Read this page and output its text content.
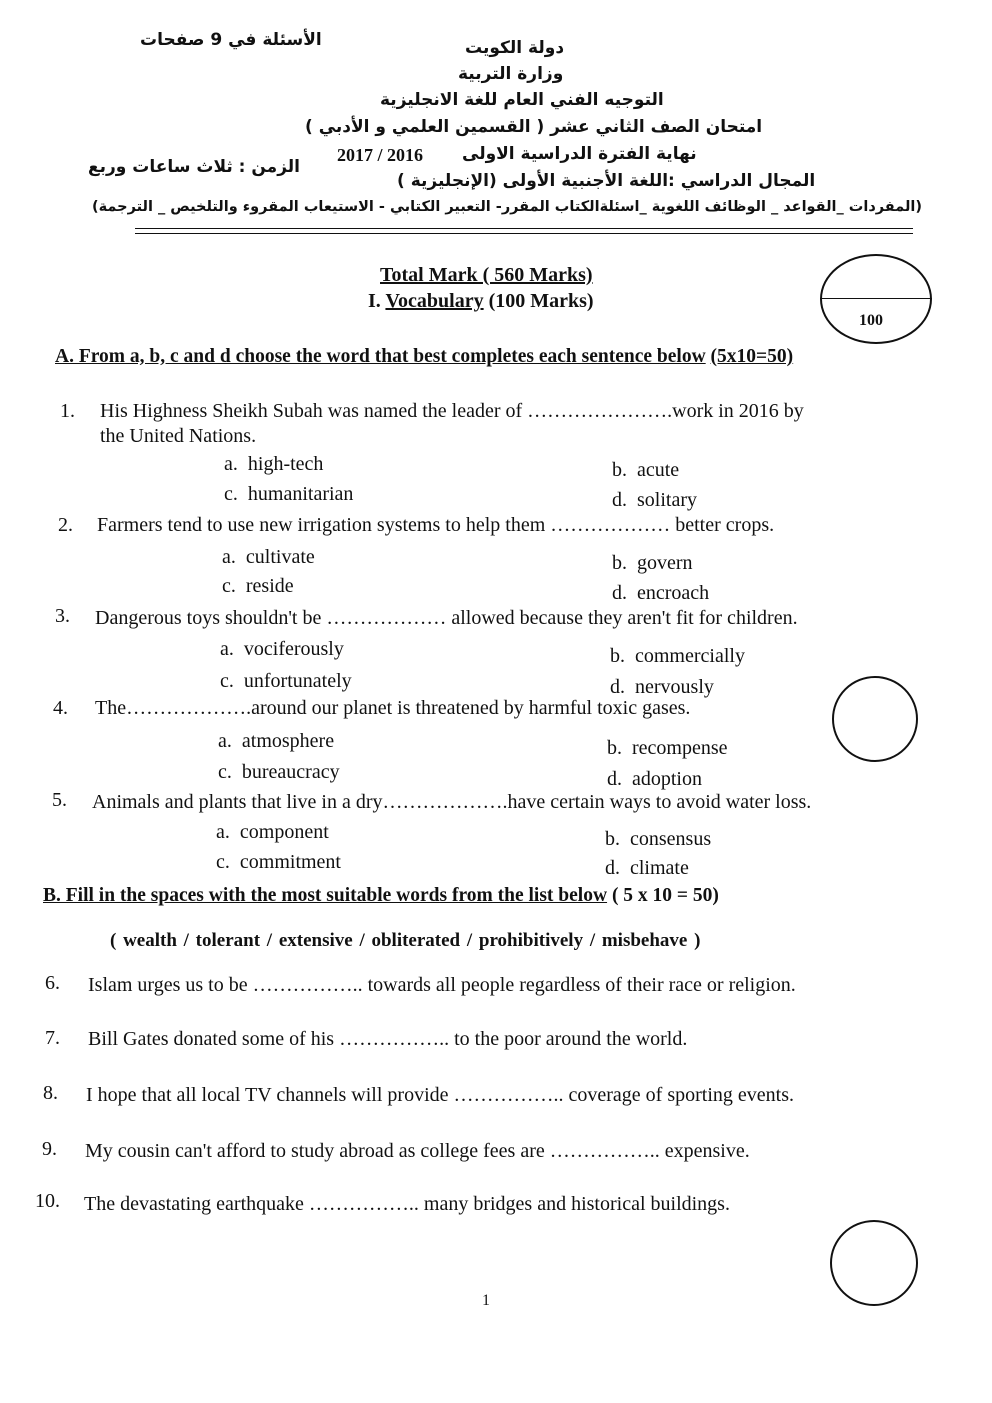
الأسئلة في 9 صفحات	دولة الكويت
وزارة التربية
التوجيه الفني العام للغة الانجليزية
امتحان الصف الثاني عشر ( القسمين العلمي و الأدبي )
نهاية الفترة الدراسية الاولى
2017 / 2016
الزمن : ثلاث ساعات وربع
المجال الدراسي :اللغة الأجنبية الأولى (الإنجليزية )
(المفردات _القواعد _ الوظائف اللغوية _اسئلةالكتاب المقرر- التعبير الكتابي - الاستيعاب المقروء والتلخيص _ الترجمة)
Total Mark ( 560 Marks)
I. Vocabulary (100 Marks)
100
A. From a, b, c and d choose the word that best completes each sentence below (5x10=50)
1. His Highness Sheikh Subah was named the leader of ………………….work in 2016 by
the United Nations.
a. high-tech	b. acute
c. humanitarian	d. solitary
2. Farmers tend to use new irrigation systems to help them ……………… better crops.
a. cultivate	b. govern
c. reside	d. encroach
3. Dangerous toys shouldn't be ……………… allowed because they aren't fit for children.
a. vociferously	b. commercially
c. unfortunately	d. nervously
4. The……………….around our planet is threatened by harmful toxic gases.
a. atmosphere	b. recompense
c. bureaucracy	d. adoption
5. Animals and plants that live in a dry……………….have certain ways to avoid water loss.
a. component	b. consensus
c. commitment	d. climate
B. Fill in the spaces with the most suitable words from the list below ( 5 x 10 = 50)
( wealth / tolerant / extensive / obliterated / prohibitively / misbehave )
6. Islam urges us to be …………….. towards all people regardless of their race or religion.
7. Bill Gates donated some of his …………….. to the poor around the world.
8. I hope that all local TV channels will provide …………….. coverage of sporting events.
9. My cousin can't afford to study abroad as college fees are …………….. expensive.
10. The devastating earthquake …………….. many bridges and historical buildings.
1
